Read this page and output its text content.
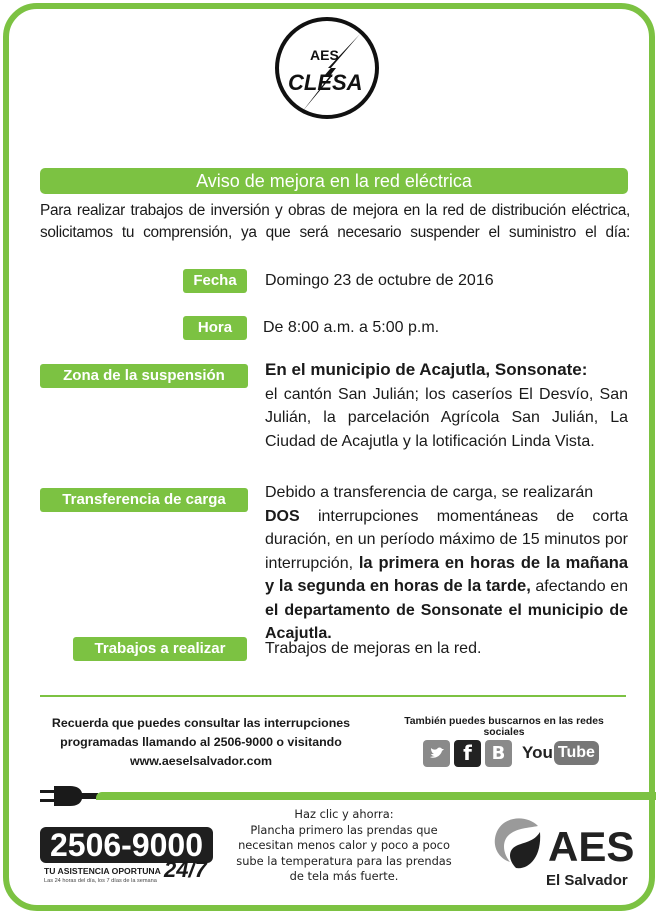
AES
CLESA
Aviso de mejora en la red eléctrica

Para realizar trabajos de inversión y obras de mejora en la red de distribución eléctrica, solicitamos tu comprensión, ya que será necesario suspender el suministro el día:

Fecha	Domingo 23 de octubre de 2016
Hora	De 8:00 a.m. a 5:00 p.m.
Zona de la suspensión	En el municipio de Acajutla, Sonsonate:
el cantón San Julián; los caseríos El Desvío, San Julián, la parcelación Agrícola San Julián, La Ciudad de Acajutla y la lotificación Linda Vista.
Transferencia de carga	Debido a transferencia de carga, se realizarán
DOS interrupciones momentáneas de corta duración, en un período máximo de 15 minutos por interrupción, la primera en horas de la mañana y la segunda en horas de la tarde, afectando en el departamento de Sonsonate el municipio de Acajutla.
Trabajos a realizar	Trabajos de mejoras en la red.
Recuerda que puedes consultar las interrupciones
programadas llamando al 2506-9000 o visitando
www.aeselsalvador.com
También puedes buscarnos en las redes sociales
f	B You Tube
2506-9000
TU ASISTENCIA OPORTUNA
Las 24 horas del día, los 7 días de la semana 24/7
Haz clic y ahorra:
Plancha primero las prendas que
necesitan menos calor y poco a poco
sube la temperatura para las prendas
de tela más fuerte.
AES
El Salvador
